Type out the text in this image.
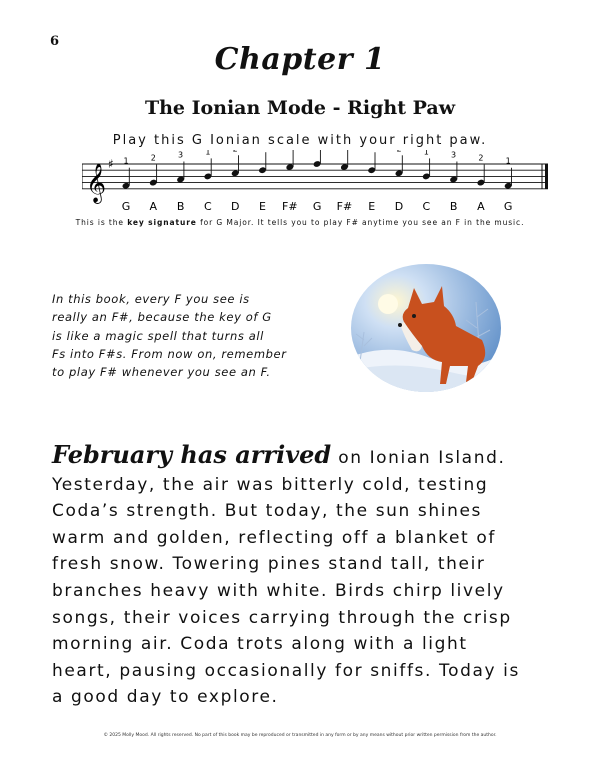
6
Chapter 1
The Ionian Mode - Right Paw
Play this G Ionian scale with your right paw.
𝄞 ♯ 1
G
2
A
3
B
1
C D E F# G F# E D
1
C
3
B
2
A
1
G
This is the key signature for G Major. It tells you to play F# anytime you see an F in the music.
In this book, every F you see is
really an F#, because the key of G
is like a magic spell that turns all
Fs into F#s. From now on, remember
to play F# whenever you see an F.
February has arrived on Ionian Island.
Yesterday, the air was bitterly cold, testing
Coda’s strength. But today, the sun shines
warm and golden, reflecting off a blanket of
fresh snow. Towering pines stand tall, their
branches heavy with white. Birds chirp lively
songs, their voices carrying through the crisp
morning air. Coda trots along with a light
heart, pausing occasionally for sniffs. Today is
a good day to explore.
© 2025 Molly Mood. All rights reserved. No part of this book may be reproduced or transmitted in any form or by any means without prior written permission from the author.
